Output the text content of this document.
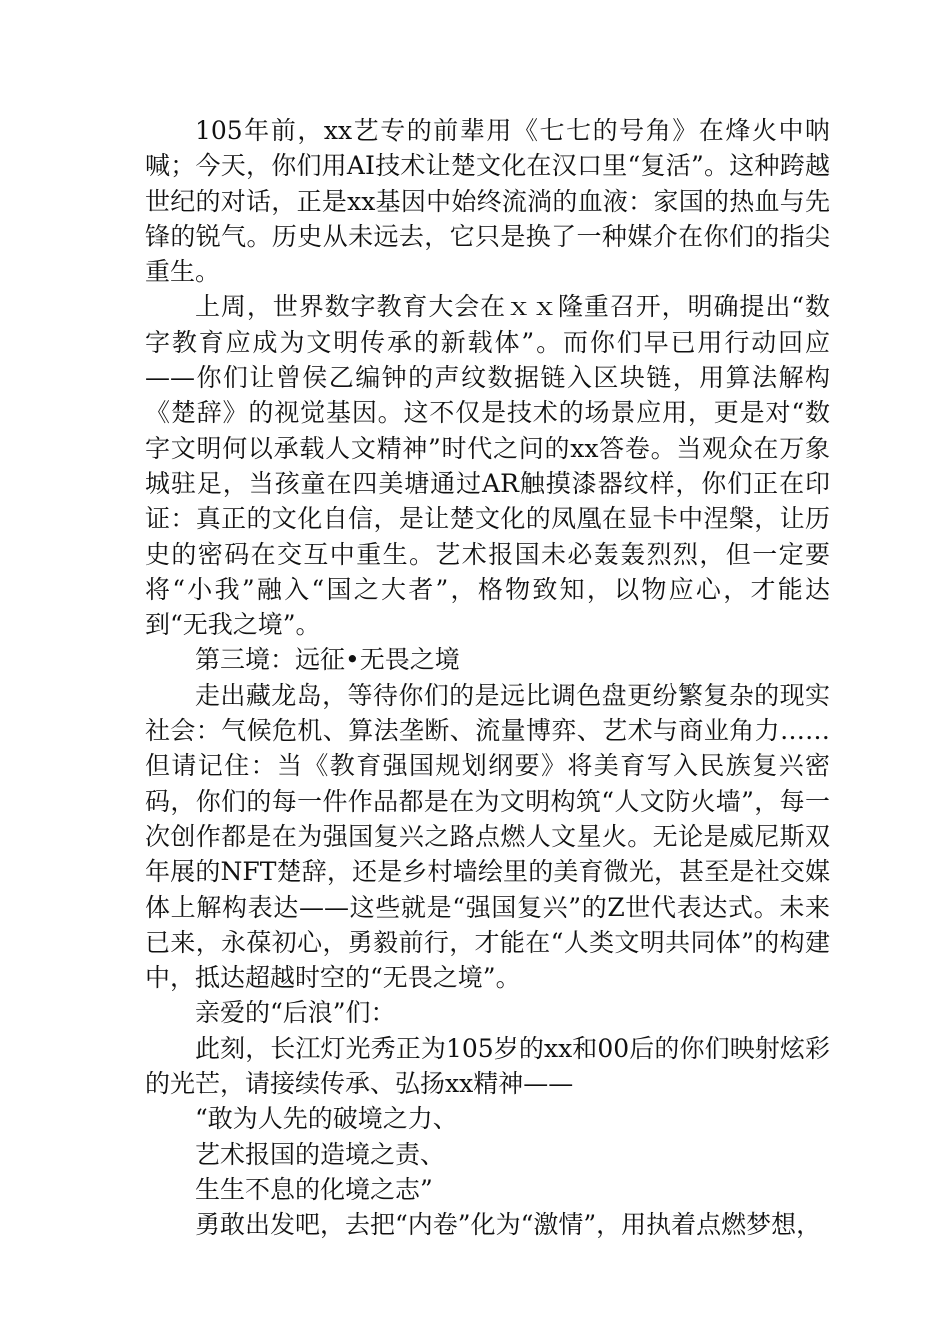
105年前，xx艺专的前辈用《七七的号角》在烽火中呐喊；今天，你们用AI技术让楚文化在汉口里“复活”。这种跨越世纪的对话，正是xx基因中始终流淌的血液：家国的热血与先锋的锐气。历史从未远去，它只是换了一种媒介在你们的指尖重生。

上周，世界数字教育大会在ｘｘ隆重召开，明确提出“数字教育应成为文明传承的新载体”。而你们早已用行动回应——你们让曾侯乙编钟的声纹数据链入区块链，用算法解构《楚辞》的视觉基因。这不仅是技术的场景应用，更是对“数字文明何以承载人文精神”时代之问的xx答卷。当观众在万象城驻足，当孩童在四美塘通过AR触摸漆器纹样，你们正在印证：真正的文化自信，是让楚文化的凤凰在显卡中涅槃，让历史的密码在交互中重生。艺术报国未必轰轰烈烈，但一定要将“小我”融入“国之大者”，格物致知，以物应心，才能达到“无我之境”。

第三境：远征•无畏之境

走出藏龙岛，等待你们的是远比调色盘更纷繁复杂的现实社会：气候危机、算法垄断、流量博弈、艺术与商业角力……但请记住：当《教育强国规划纲要》将美育写入民族复兴密码，你们的每一件作品都是在为文明构筑“人文防火墙”，每一次创作都是在为强国复兴之路点燃人文星火。无论是威尼斯双年展的NFT楚辞，还是乡村墙绘里的美育微光，甚至是社交媒体上解构表达——这些就是“强国复兴”的Z世代表达式。未来已来，永葆初心，勇毅前行，才能在“人类文明共同体”的构建中，抵达超越时空的“无畏之境”。

亲爱的“后浪”们：

此刻，长江灯光秀正为105岁的xx和00后的你们映射炫彩的光芒，请接续传承、弘扬xx精神——

“敢为人先的破境之力、

艺术报国的造境之责、

生生不息的化境之志”

勇敢出发吧，去把“内卷”化为“激情”，用执着点燃梦想，
